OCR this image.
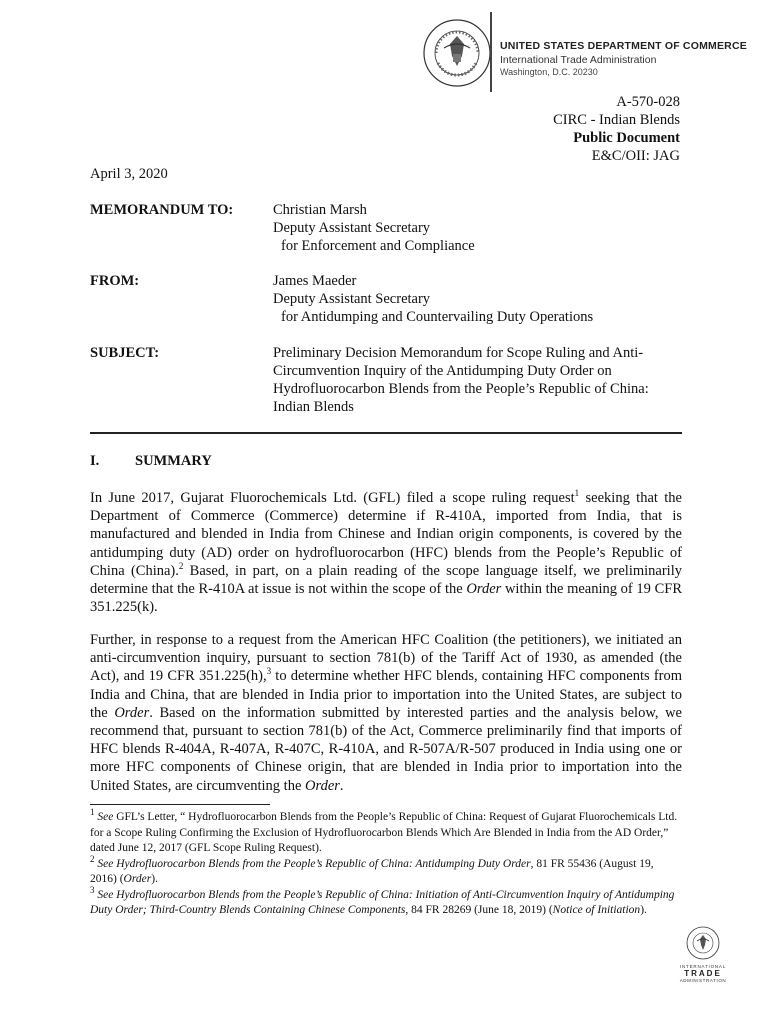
UNITED STATES DEPARTMENT OF COMMERCE
International Trade Administration
Washington, D.C. 20230
A-570-028
CIRC - Indian Blends
Public Document
E&C/OII: JAG
April 3, 2020
MEMORANDUM TO:	Christian Marsh
Deputy Assistant Secretary
for Enforcement and Compliance
FROM:	James Maeder
Deputy Assistant Secretary
for Antidumping and Countervailing Duty Operations
SUBJECT:	Preliminary Decision Memorandum for Scope Ruling and Anti-Circumvention Inquiry of the Antidumping Duty Order on Hydrofluorocarbon Blends from the People’s Republic of China: Indian Blends
I. SUMMARY
In June 2017, Gujarat Fluorochemicals Ltd. (GFL) filed a scope ruling request$^1$ seeking that the Department of Commerce (Commerce) determine if R-410A, imported from India, that is manufactured and blended in India from Chinese and Indian origin components, is covered by the antidumping duty (AD) order on hydrofluorocarbon (HFC) blends from the People’s Republic of China (China).$^2$ Based, in part, on a plain reading of the scope language itself, we preliminarily determine that the R-410A at issue is not within the scope of the Order within the meaning of 19 CFR 351.225(k).
Further, in response to a request from the American HFC Coalition (the petitioners), we initiated an anti-circumvention inquiry, pursuant to section 781(b) of the Tariff Act of 1930, as amended (the Act), and 19 CFR 351.225(h),$^3$ to determine whether HFC blends, containing HFC components from India and China, that are blended in India prior to importation into the United States, are subject to the Order. Based on the information submitted by interested parties and the analysis below, we recommend that, pursuant to section 781(b) of the Act, Commerce preliminarily find that imports of HFC blends R-404A, R-407A, R-407C, R-410A, and R-507A/R-507 produced in India using one or more HFC components of Chinese origin, that are blended in India prior to importation into the United States, are circumventing the Order.
$^1$ See GFL’s Letter, “ Hydrofluorocarbon Blends from the People’s Republic of China: Request of Gujarat Fluorochemicals Ltd. for a Scope Ruling Confirming the Exclusion of Hydrofluorocarbon Blends Which Are Blended in India from the AD Order,” dated June 12, 2017 (GFL Scope Ruling Request).
$^2$ See Hydrofluorocarbon Blends from the People’s Republic of China: Antidumping Duty Order, 81 FR 55436 (August 19, 2016) (Order).
$^3$ See Hydrofluorocarbon Blends from the People’s Republic of China: Initiation of Anti-Circumvention Inquiry of Antidumping Duty Order; Third-Country Blends Containing Chinese Components, 84 FR 28269 (June 18, 2019) (Notice of Initiation).
INTERNATIONAL
TRADE
ADMINISTRATION
